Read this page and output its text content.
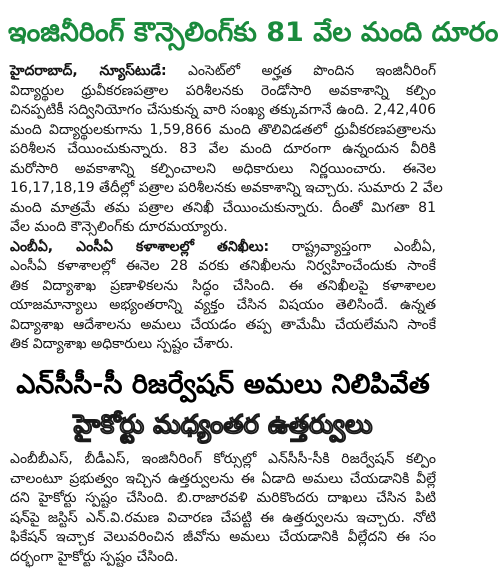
ఇంజినీరింగ్ కౌన్సెలింగ్‌కు 81 వేల మంది దూరం
హైదరాబాద్, న్యూస్‌టుడే: ఎంసెట్‌లో అర్హత పొందిన ఇంజినీరింగ్
విద్యార్థుల ధ్రువీకరణపత్రాల పరిశీలనకు రెండోసారి అవకాశాన్ని కల్పిం
చినప్పటికీ సద్వినియోగం చేసుకున్న వారి సంఖ్య తక్కువగానే ఉంది. 2,42,406
మంది విద్యార్థులకుగాను 1,59,866 మంది తొలివిడతలో ధ్రువీకరణపత్రాలను
పరిశీలన చేయించుకున్నారు. 83 వేల మంది దూరంగా ఉన్నందున వీరికి
మరోసారి అవకాశాన్ని కల్పించాలని అధికారులు నిర్ణయించారు. ఈనెల
16,17,18,19 తేదీల్లో పత్రాల పరిశీలనకు అవకాశాన్ని ఇచ్చారు. సుమారు 2 వేల
మంది మాత్రమే తమ పత్రాల తనిఖీ చేయించుకున్నారు. దీంతో మిగతా 81
వేల మంది కౌన్సెలింగ్‌కు దూరమయ్యారు.
ఎంబీఏ, ఎంసీఏ కళాశాలల్లో తనిఖీలు: రాష్ట్రవ్యాప్తంగా ఎంబీఏ,
ఎంసీఏ కళాశాలల్లో ఈనెల 28 వరకు తనిఖీలను నిర్వహించేందుకు సాంకే
తిక విద్యాశాఖ ప్రణాళికలను సిద్ధం చేసింది. ఈ తనిఖీలపై కళాశాలల
యాజమాన్యాలు అభ్యంతరాన్ని వ్యక్తం చేసిన విషయం తెలిసిందే. ఉన్నత
విద్యాశాఖ ఆదేశాలను అమలు చేయడం తప్ప తామేమీ చేయలేమని సాంకే
తిక విద్యాశాఖ అధికారులు స్పష్టం చేశారు.
ఎన్‌సీసీ-సీ రిజర్వేషన్ అమలు నిలిపివేత
హైకోర్టు మధ్యంతర ఉత్తర్వులు
ఎంబీబీఎస్, బీడీఎస్, ఇంజినీరింగ్ కోర్సుల్లో ఎన్‌సీసీ-సీకి రిజర్వేషన్ కల్పిం
చాలంటూ ప్రభుత్వం ఇచ్చిన ఉత్తర్వులను ఈ ఏడాది అమలు చేయడానికి వీల్లే
దని హైకోర్టు స్పష్టం చేసింది. బి.రాజారవళి మరికొందరు దాఖలు చేసిన పిటి
షన్‌పై జస్టిస్ ఎన్.వి.రమణ విచారణ చేపట్టి ఈ ఉత్తర్వులను ఇచ్చారు. నోటి
ఫికేషన్ ఇచ్చాక వెలువరించిన జీవోను అమలు చేయడానికి వీల్లేదని ఈ సం
దర్భంగా హైకోర్టు స్పష్టం చేసింది.
